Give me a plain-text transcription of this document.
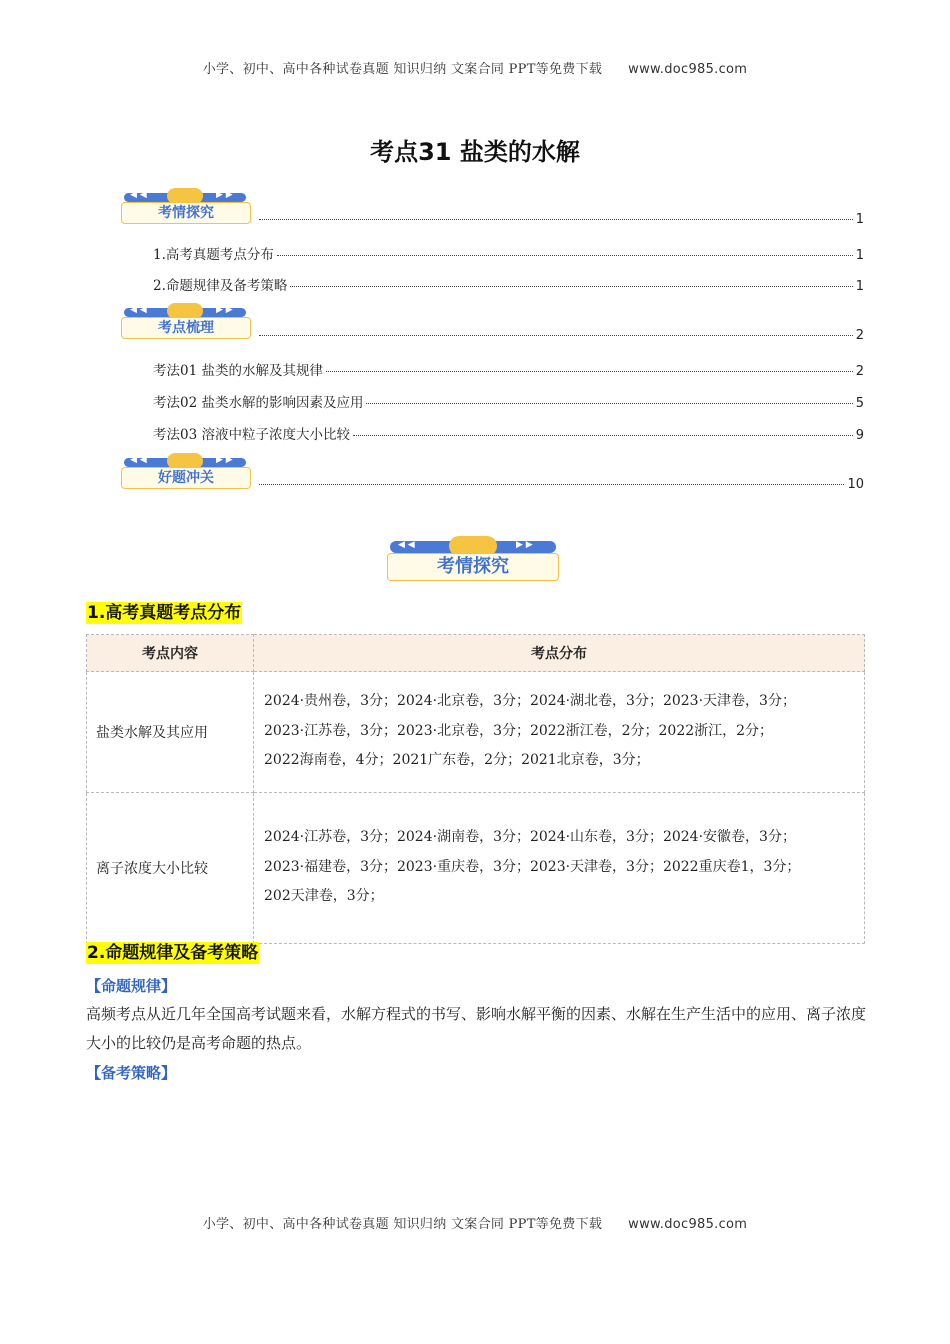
小学、初中、高中各种试卷真题 知识归纳 文案合同 PPT等免费下载 www.doc985.com
考点31 盐类的水解
◀ ◀	▶ ▶
考情探究	1
1.高考真题考点分布	1
2.命题规律及备考策略	1
◀ ◀	▶ ▶
考点梳理	2
考法01 盐类的水解及其规律	2
考法02 盐类水解的影响因素及应用	5
考法03 溶液中粒子浓度大小比较	9
◀ ◀	▶ ▶
好题冲关	10
◀ ◀	▶ ▶
考情探究
1.高考真题考点分布
考点内容	考点分布
盐类水解及其应用	2024·贵州卷，3分；2024·北京卷，3分；2024·湖北卷，3分；2023·天津卷，3分；
2023·江苏卷，3分；2023·北京卷，3分；2022浙江卷，2分；2022浙江，2分；
2022海南卷，4分；2021广东卷，2分；2021北京卷，3分；

离子浓度大小比较	2024·江苏卷，3分；2024·湖南卷，3分；2024·山东卷，3分；2024·安徽卷，3分；
2023·福建卷，3分；2023·重庆卷，3分；2023·天津卷，3分；2022重庆卷1，3分；
202天津卷，3分；
2.命题规律及备考策略
【命题规律】
高频考点从近几年全国高考试题来看，水解方程式的书写、影响水解平衡的因素、水解在生产生活中的应用、离子浓度大小的比较仍是高考命题的热点。
【备考策略】
小学、初中、高中各种试卷真题 知识归纳 文案合同 PPT等免费下载 www.doc985.com
